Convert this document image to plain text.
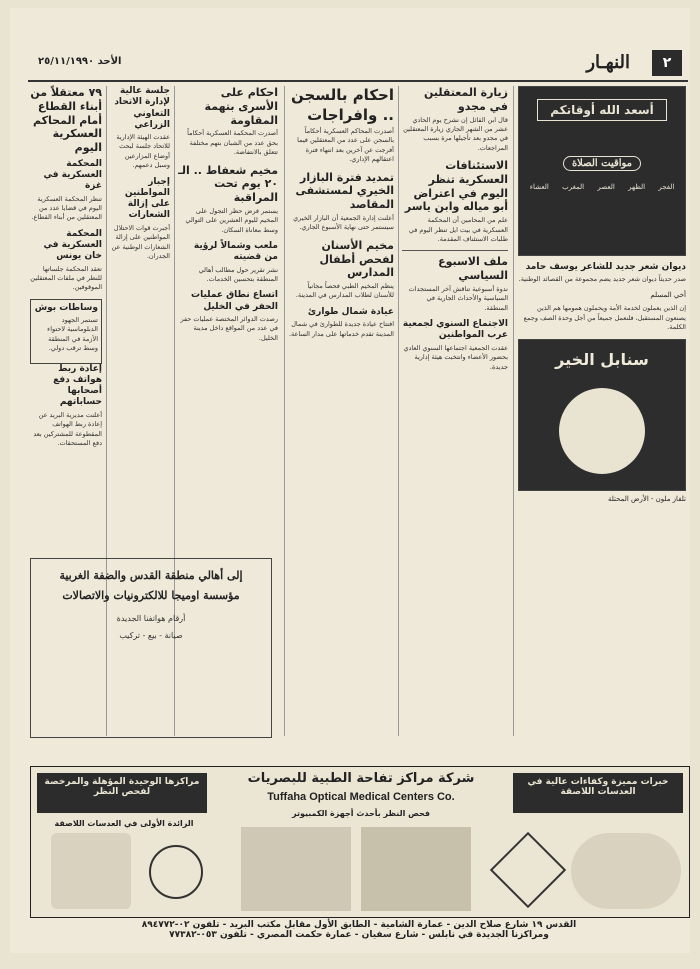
الأحد ٢٥/١١/١٩٩٠	النهـار	٢
أسعد الله أوقاتكم
مواقيت الصلاة
الفجر
الظهر
العصر
المغرب
العشاء
ديوان شعر جديد للشاعر يوسف حامد

صدر حديثاً ديوان شعر جديد يضم مجموعة من القصائد الوطنية.

أخي المسلم

إن الذين يعملون لخدمة الأمة ويحملون همومها هم الذين يصنعون المستقبل، فلنعمل جميعاً من أجل وحدة الصف وجمع الكلمة.

سنابل الخير
تلفاز ملون - الأرض المحتلة
زيارة المعتقلين في مجدو

قال ابن القائل إن نشرح يوم الحادي عشر من الشهر الجاري زيارة المعتقلين في مجدو بعد تأجيلها مرة بسبب المراجعات.

الاستئنافات العسكرية تنظر اليوم في اعتراض أبو مياله وابن ياسر

علم من المحامين أن المحكمة العسكرية في بيت ايل تنظر اليوم في طلبات الاستئناف المقدمة.

ملف الاسبوع السياسي

ندوة أسبوعية تناقش آخر المستجدات السياسية والأحداث الجارية في المنطقة.

الاجتماع السنوي لجمعية عرب المواطنين

عقدت الجمعية اجتماعها السنوي العادي بحضور الأعضاء وانتخبت هيئة إدارية جديدة.

احكام بالسجن .. وافراجات

أصدرت المحاكم العسكرية أحكاماً بالسجن على عدد من المعتقلين فيما أفرجت عن آخرين بعد انتهاء فترة اعتقالهم الإداري.

تمديد فترة البازار الخيري لمستشفى المقاصد

أعلنت إدارة الجمعية أن البازار الخيري سيستمر حتى نهاية الأسبوع الجاري.

مخيم الأسنان لفحص أطفال المدارس

ينظم المخيم الطبي فحصاً مجانياً للأسنان لطلاب المدارس في المدينة.

عيادة شمال طوارئ

افتتاح عيادة جديدة للطوارئ في شمال المدينة تقدم خدماتها على مدار الساعة.

احكام على الأسرى بتهمة المقاومة

أصدرت المحكمة العسكرية أحكاماً بحق عدد من الشبان بتهم مختلفة تتعلق بالانتفاضة.

مخيم شعفاط .. الـ ٢٠ يوم تحت المراقبة

يستمر فرض حظر التجول على المخيم لليوم العشرين على التوالي وسط معاناة السكان.

ملعب وشمالاً لرؤية من قضيته

نشر تقرير حول مطالب أهالي المنطقة بتحسين الخدمات.

اتساع نطاق عمليات الحفر في الخليل

رصدت الدوائر المختصة عمليات حفر في عدد من المواقع داخل مدينة الخليل.

جلسة عالية لإدارة الاتحاد التعاوني الزراعي

عقدت الهيئة الإدارية للاتحاد جلسة لبحث أوضاع المزارعين وسبل دعمهم.

إجبار المواطنين على إزالة الشعارات

أجبرت قوات الاحتلال المواطنين على إزالة الشعارات الوطنية عن الجدران.

٧٩ معتقلاً من أبناء القطاع أمام المحاكم العسكرية اليوم
المحكمة العسكرية في غزة

تنظر المحكمة العسكرية اليوم في قضايا عدد من المعتقلين من أبناء القطاع.

المحكمة العسكرية في خان يونس

تعقد المحكمة جلساتها للنظر في ملفات المعتقلين الموقوفين.

وساطات بوش

تستمر الجهود الدبلوماسية لاحتواء الأزمة في المنطقة وسط ترقب دولي.

إعادة ربط هواتف دفع أصحابها حساباتهم

أعلنت مديرية البريد عن إعادة ربط الهواتف المقطوعة للمشتركين بعد دفع المستحقات.

إلى أهالي منطقة القدس والضفة الغربية
مؤسسة اوميجا للالكترونيات والاتصالات
أرقام هواتفنا الجديدة
صيانة - بيع - تركيب
شركة مراكز تفاحة الطبية للبصريات
Tuffaha Optical Medical Centers Co.
مراكزها الوحيدة المؤهلة والمرخصة لفحص النظر
خبرات مميزة وكفاءات عالية في العدسات اللاصقة
الرائدة الأولى في العدسات اللاصقة
فحص النظر بأحدث أجهزة الكمبيوتر
القدس ١٩ شارع صلاح الدين - عمارة الشامية - الطابق الأول مقابل مكتب البريد - تلفون ٠٢-٨٩٤٧٧٢
ومراكزنا الجديدة في نابلس - شارع سفيان - عمارة حكمت المصري - تلفون ٠٥٣-٧٧٣٨٢
